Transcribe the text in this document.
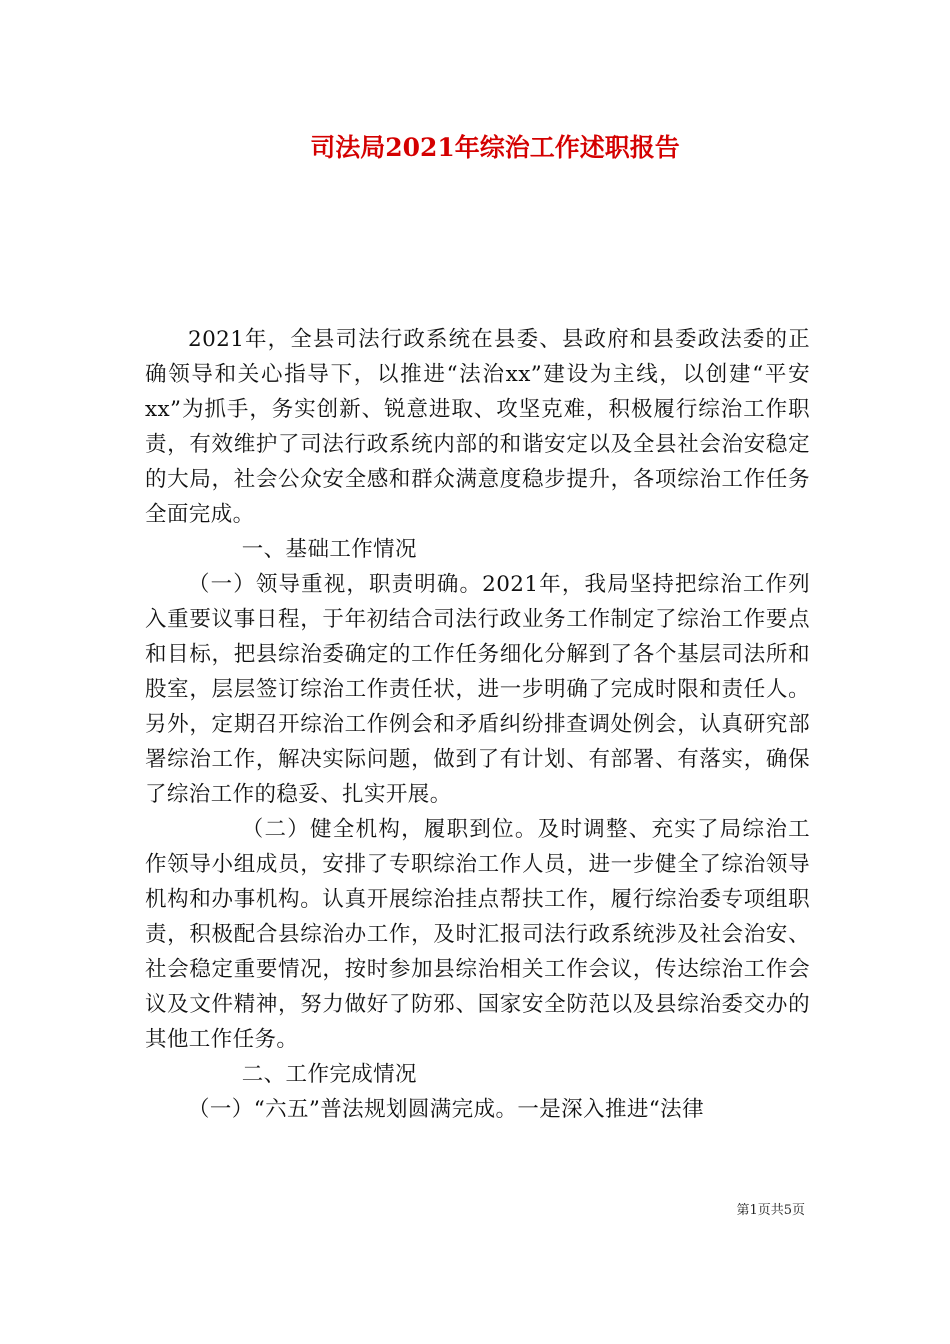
司法局2021年综治工作述职报告

2021年，全县司法行政系统在县委、县政府和县委政法委的正确领导和关心指导下，以推进“法治xx”建设为主线，以创建“平安xx”为抓手，务实创新、锐意进取、攻坚克难，积极履行综治工作职责，有效维护了司法行政系统内部的和谐安定以及全县社会治安稳定的大局，社会公众安全感和群众满意度稳步提升，各项综治工作任务全面完成。

一、基础工作情况

（一）领导重视，职责明确。2021年，我局坚持把综治工作列入重要议事日程，于年初结合司法行政业务工作制定了综治工作要点和目标，把县综治委确定的工作任务细化分解到了各个基层司法所和股室，层层签订综治工作责任状，进一步明确了完成时限和责任人。另外，定期召开综治工作例会和矛盾纠纷排查调处例会，认真研究部署综治工作，解决实际问题，做到了有计划、有部署、有落实，确保了综治工作的稳妥、扎实开展。

（二）健全机构，履职到位。及时调整、充实了局综治工作领导小组成员，安排了专职综治工作人员，进一步健全了综治领导机构和办事机构。认真开展综治挂点帮扶工作，履行综治委专项组职责，积极配合县综治办工作，及时汇报司法行政系统涉及社会治安、社会稳定重要情况，按时参加县综治相关工作会议，传达综治工作会议及文件精神，努力做好了防邪、国家安全防范以及县综治委交办的其他工作任务。

二、工作完成情况

（一）“六五”普法规划圆满完成。一是深入推进“法律

第1页共5页
